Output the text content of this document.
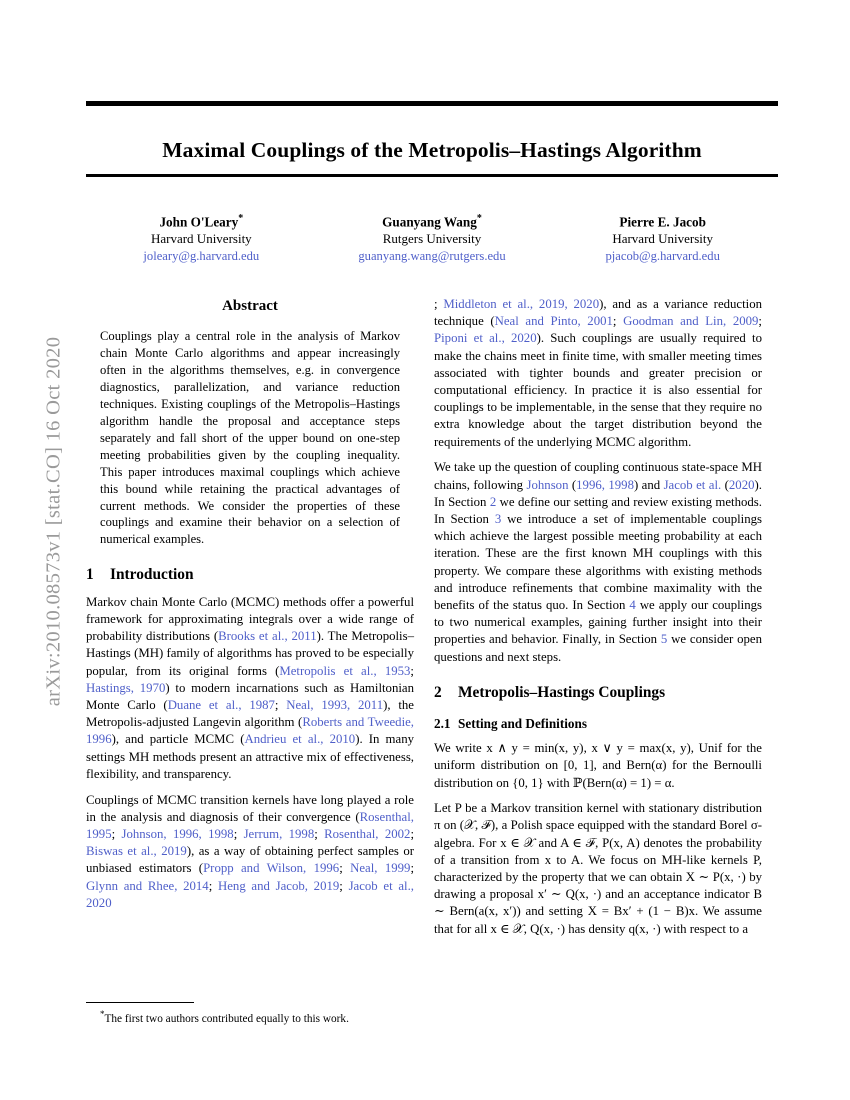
arXiv:2010.08573v1 [stat.CO] 16 Oct 2020
Maximal Couplings of the Metropolis–Hastings Algorithm
John O'Leary*
Harvard University
joleary@g.harvard.edu
Guanyang Wang*
Rutgers University
guanyang.wang@rutgers.edu
Pierre E. Jacob
Harvard University
pjacob@g.harvard.edu
Abstract

Couplings play a central role in the analysis of Markov chain Monte Carlo algorithms and appear increasingly often in the algorithms themselves, e.g. in convergence diagnostics, parallelization, and variance reduction techniques. Existing couplings of the Metropolis–Hastings algorithm handle the proposal and acceptance steps separately and fall short of the upper bound on one-step meeting probabilities given by the coupling inequality. This paper introduces maximal couplings which achieve this bound while retaining the practical advantages of current methods. We consider the properties of these couplings and examine their behavior on a selection of numerical examples.

1 Introduction

Markov chain Monte Carlo (MCMC) methods offer a powerful framework for approximating integrals over a wide range of probability distributions (Brooks et al., 2011). The Metropolis–Hastings (MH) family of algorithms has proved to be especially popular, from its original forms (Metropolis et al., 1953; Hastings, 1970) to modern incarnations such as Hamiltonian Monte Carlo (Duane et al., 1987; Neal, 1993, 2011), the Metropolis-adjusted Langevin algorithm (Roberts and Tweedie, 1996), and particle MCMC (Andrieu et al., 2010). In many settings MH methods present an attractive mix of effectiveness, flexibility, and transparency.

Couplings of MCMC transition kernels have long played a role in the analysis and diagnosis of their convergence (Rosenthal, 1995; Johnson, 1996, 1998; Jerrum, 1998; Rosenthal, 2002; Biswas et al., 2019), as a way of obtaining perfect samples or unbiased estimators (Propp and Wilson, 1996; Neal, 1999; Glynn and Rhee, 2014; Heng and Jacob, 2019; Jacob et al., 2020

; Middleton et al., 2019, 2020), and as a variance reduction technique (Neal and Pinto, 2001; Goodman and Lin, 2009; Piponi et al., 2020). Such couplings are usually required to make the chains meet in finite time, with smaller meeting times associated with tighter bounds and greater precision or computational efficiency. In practice it is also essential for couplings to be implementable, in the sense that they require no extra knowledge about the target distribution beyond the requirements of the underlying MCMC algorithm.

We take up the question of coupling continuous state-space MH chains, following Johnson (1996, 1998) and Jacob et al. (2020). In Section 2 we define our setting and review existing methods. In Section 3 we introduce a set of implementable couplings which achieve the largest possible meeting probability at each iteration. These are the first known MH couplings with this property. We compare these algorithms with existing methods and introduce refinements that combine maximality with the benefits of the status quo. In Section 4 we apply our couplings to two numerical examples, gaining further insight into their properties and behavior. Finally, in Section 5 we consider open questions and next steps.

2 Metropolis–Hastings Couplings
2.1 Setting and Definitions

We write x ∧ y = min(x, y), x ∨ y = max(x, y), Unif for the uniform distribution on [0, 1], and Bern(α) for the Bernoulli distribution on {0, 1} with ℙ(Bern(α) = 1) = α.

Let P be a Markov transition kernel with stationary distribution π on (𝒳, ℱ), a Polish space equipped with the standard Borel σ-algebra. For x ∈ 𝒳 and A ∈ ℱ, P(x, A) denotes the probability of a transition from x to A. We focus on MH-like kernels P, characterized by the property that we can obtain X ∼ P(x, ·) by drawing a proposal x′ ∼ Q(x, ·) and an acceptance indicator B ∼ Bern(a(x, x′)) and setting X = Bx′ + (1 − B)x. We assume that for all x ∈ 𝒳, Q(x, ·) has density q(x, ·) with respect to a

*The first two authors contributed equally to this work.
